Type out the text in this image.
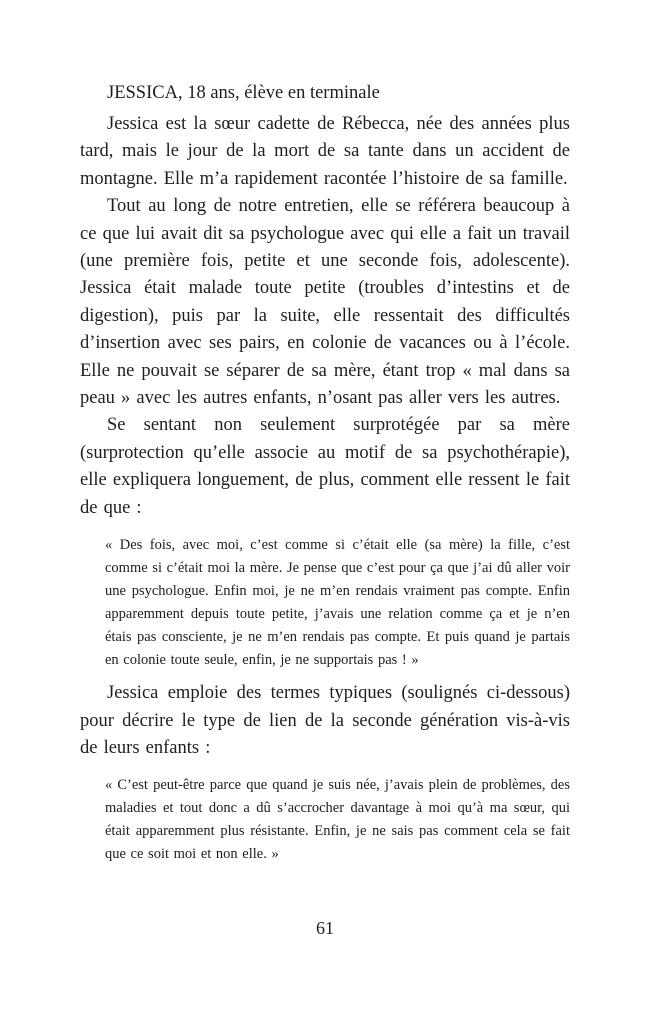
JESSICA, 18 ans, élève en terminale

Jessica est la sœur cadette de Rébecca, née des années plus tard, mais le jour de la mort de sa tante dans un accident de montagne. Elle m’a rapidement racontée l’histoire de sa famille.

Tout au long de notre entretien, elle se référera beaucoup à ce que lui avait dit sa psychologue avec qui elle a fait un travail (une première fois, petite et une seconde fois, adolescente). Jessica était malade toute petite (troubles d’intestins et de digestion), puis par la suite, elle ressentait des difficultés d’insertion avec ses pairs, en colonie de vacances ou à l’école. Elle ne pouvait se séparer de sa mère, étant trop « mal dans sa peau » avec les autres enfants, n’osant pas aller vers les autres.

Se sentant non seulement surprotégée par sa mère (surprotection qu’elle associe au motif de sa psychothérapie), elle expliquera longuement, de plus, comment elle ressent le fait de que :

« Des fois, avec moi, c’est comme si c’était elle (sa mère) la fille, c’est comme si c’était moi la mère. Je pense que c’est pour ça que j’ai dû aller voir une psychologue. Enfin moi, je ne m’en rendais vraiment pas compte. Enfin apparemment depuis toute petite, j’avais une relation comme ça et je n’en étais pas consciente, je ne m’en rendais pas compte. Et puis quand je partais en colonie toute seule, enfin, je ne supportais pas ! »

Jessica emploie des termes typiques (soulignés ci-dessous) pour décrire le type de lien de la seconde génération vis-à-vis de leurs enfants :

« C’est peut-être parce que quand je suis née, j’avais plein de problèmes, des maladies et tout donc a dû s’accrocher davantage à moi qu’à ma sœur, qui était apparemment plus résistante. Enfin, je ne sais pas comment cela se fait que ce soit moi et non elle. »
61
